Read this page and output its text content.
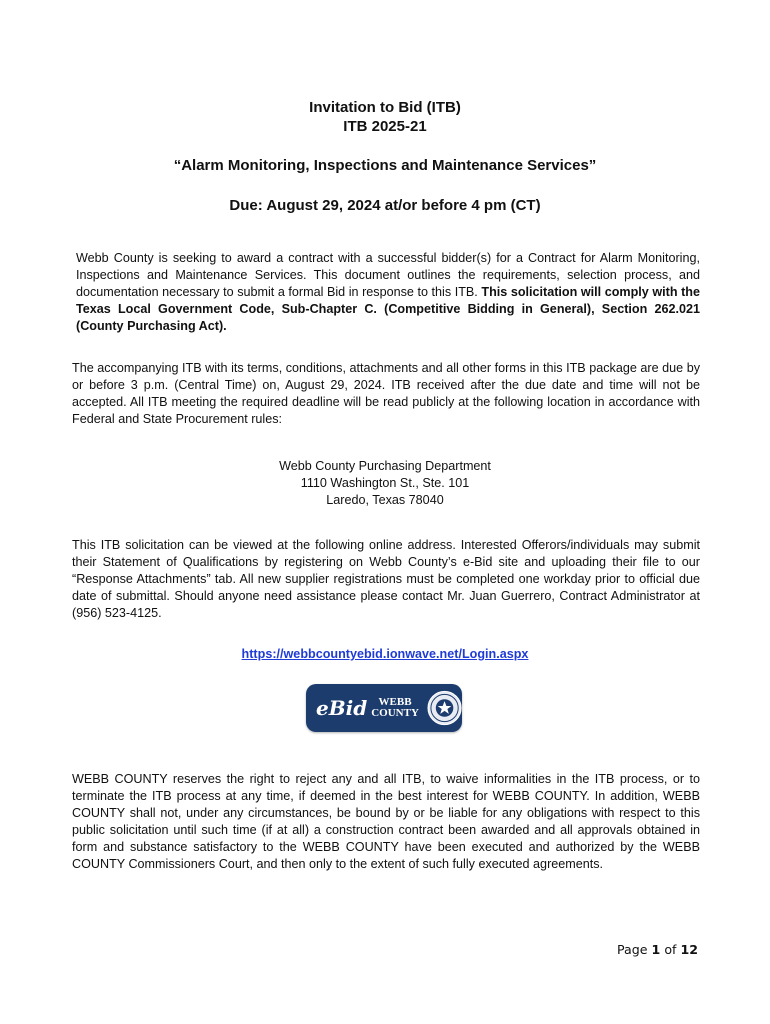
Invitation to Bid (ITB)
ITB 2025-21
“Alarm Monitoring, Inspections and Maintenance Services”
Due: August 29, 2024 at/or before 4 pm (CT)
Webb County is seeking to award a contract with a successful bidder(s) for a Contract for Alarm Monitoring, Inspections and Maintenance Services. This document outlines the requirements, selection process, and documentation necessary to submit a formal Bid in response to this ITB. This solicitation will comply with the Texas Local Government Code, Sub-Chapter C. (Competitive Bidding in General), Section 262.021 (County Purchasing Act).
The accompanying ITB with its terms, conditions, attachments and all other forms in this ITB package are due by or before 3 p.m. (Central Time) on, August 29, 2024. ITB received after the due date and time will not be accepted. All ITB meeting the required deadline will be read publicly at the following location in accordance with Federal and State Procurement rules:
Webb County Purchasing Department
1110 Washington St., Ste. 101
Laredo, Texas 78040
This ITB solicitation can be viewed at the following online address. Interested Offerors/individuals may submit their Statement of Qualifications by registering on Webb County’s e-Bid site and uploading their file to our “Response Attachments” tab. All new supplier registrations must be completed one workday prior to official due date of submittal. Should anyone need assistance please contact Mr. Juan Guerrero, Contract Administrator at (956) 523-4125.
https://webbcountyebid.ionwave.net/Login.aspx
eBid	WEBB
COUNTY
WEBB COUNTY reserves the right to reject any and all ITB, to waive informalities in the ITB process, or to terminate the ITB process at any time, if deemed in the best interest for WEBB COUNTY. In addition, WEBB COUNTY shall not, under any circumstances, be bound by or be liable for any obligations with respect to this public solicitation until such time (if at all) a construction contract been awarded and all approvals obtained in form and substance satisfactory to the WEBB COUNTY have been executed and authorized by the WEBB COUNTY Commissioners Court, and then only to the extent of such fully executed agreements.
Page 1 of 12
